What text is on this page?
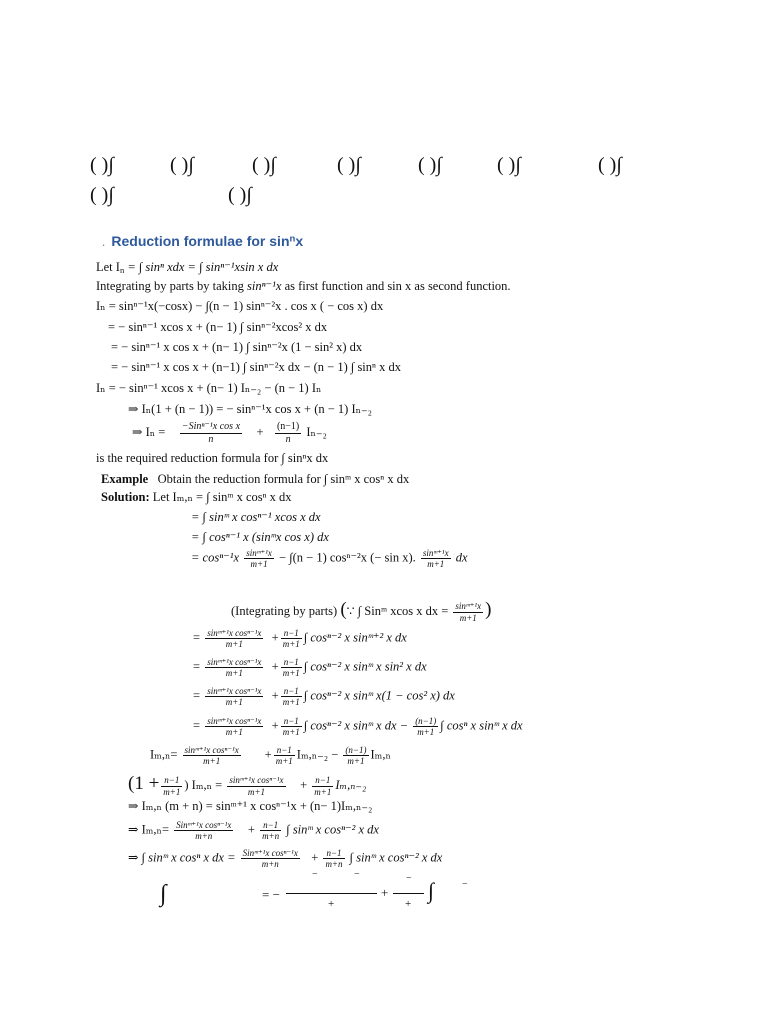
( )∫	( )∫	( )∫	( )∫	( )∫	( )∫	( )∫
( )∫	( )∫
. Reduction formulae for $\sin^nx$
Let $I_n$ = ∫ sinⁿ xdx = ∫ sinⁿ⁻¹xsin x dx
Integrating by parts by taking sinⁿ⁻¹x as first function and sin x as second function.
Iₙ = sinⁿ⁻¹x(−cosx) − ∫(n − 1) sinⁿ⁻²x . cos x ( − cos x) dx
= − sinⁿ⁻¹ xcos x + (n− 1) ∫ sinⁿ⁻²xcos² x dx
= − sinⁿ⁻¹ x cos x + (n− 1) ∫ sinⁿ⁻²x (1 − sin² x) dx
= − sinⁿ⁻¹ x cos x + (n−1) ∫ sinⁿ⁻²x dx − (n − 1) ∫ sinⁿ x dx
Iₙ = − sinⁿ⁻¹ xcos x + (n− 1) Iₙ₋₂ − (n − 1) Iₙ
⇒ Iₙ(1 + (n − 1)) = − sinⁿ⁻¹x cos x + (n − 1) Iₙ₋₂
⇒ $I_n = \frac{\text{−Sinⁿ⁻¹x cos x}}{n} + \frac{(n-1)}{n} I_{n-2}$
is the required reduction formula for ∫ sinⁿx dx
Example Obtain the reduction formula for ∫ sinᵐ x cosⁿ x dx
Solution: Let Iₘ,ₙ = ∫ sinᵐ x cosⁿ x dx
= ∫ sinᵐ x cosⁿ⁻¹ xcos x dx
= ∫ cosⁿ⁻¹ x (sinᵐx cos x) dx
= $\cos^{n-1}x \frac{\text{sinᵐ⁺¹x}}{m+1} - \int(n - 1)$ cosⁿ⁻²x (− sin x). $\frac{\text{sinᵐ⁺¹x}}{m+1}$ dx
(Integrating by parts) (∵ ∫ Sinᵐ xcos x dx = $\frac{\text{sinᵐ⁺¹x}}{m+1}$ )
= $\frac{\text{sinᵐ⁺¹x cosⁿ⁻¹x}}{m+1} + \frac{n-1}{m+1}$ ∫ cosⁿ⁻² x sinᵐ⁺² x dx
= $\frac{\text{sinᵐ⁺¹x cosⁿ⁻¹x}}{m+1} + \frac{n-1}{m+1}$ ∫ cosⁿ⁻² x sinᵐ x sin² x dx
= $\frac{\text{sinᵐ⁺¹x cosⁿ⁻¹x}}{m+1} + \frac{n-1}{m+1}$ ∫ cosⁿ⁻² x sinᵐ x(1 − cos² x) dx
= $\frac{\text{sinᵐ⁺¹x cosⁿ⁻¹x}}{m+1} + \frac{n-1}{m+1}$ ∫ cosⁿ⁻² x sinᵐ x dx − $\frac{(n-1)}{m+1}$ ∫ cosⁿ x sinᵐ x dx
$I_m,_n= \frac{\text{sinᵐ⁺¹x cosⁿ⁻¹x}}{m+1} + \frac{n-1}{m+1} I_m,_{n-2} - \frac{(n-1)}{m+1} I_m,_n$
($1 + \frac{n-1}{m+1}$ ) $I_m,_n = \frac{\text{sinᵐ⁺¹x cosⁿ⁻¹x}}{m+1} + \frac{n-1}{m+1} I_m,_{n-2}$
⇒ Iₘ,ₙ (m + n) = sinᵐ⁺¹ x cosⁿ⁻¹x + (n− 1)Iₘ,ₙ₋₂
⇒ $I_m,_n= \frac{\text{Sinᵐ⁺¹x cosⁿ⁻¹x}}{m+n} + \frac{n-1}{m+n}$ ∫ sinᵐ x cosⁿ⁻² x dx
⇒ ∫ sinᵐ x cosⁿ x dx = $\frac{\text{Sinᵐ⁺¹x cosⁿ⁻¹x}}{m+n} + \frac{n-1}{m+n}$ ∫ sinᵐ x cosⁿ⁻² x dx
∫	= −
−	−
+
+
−
+
∫	−
